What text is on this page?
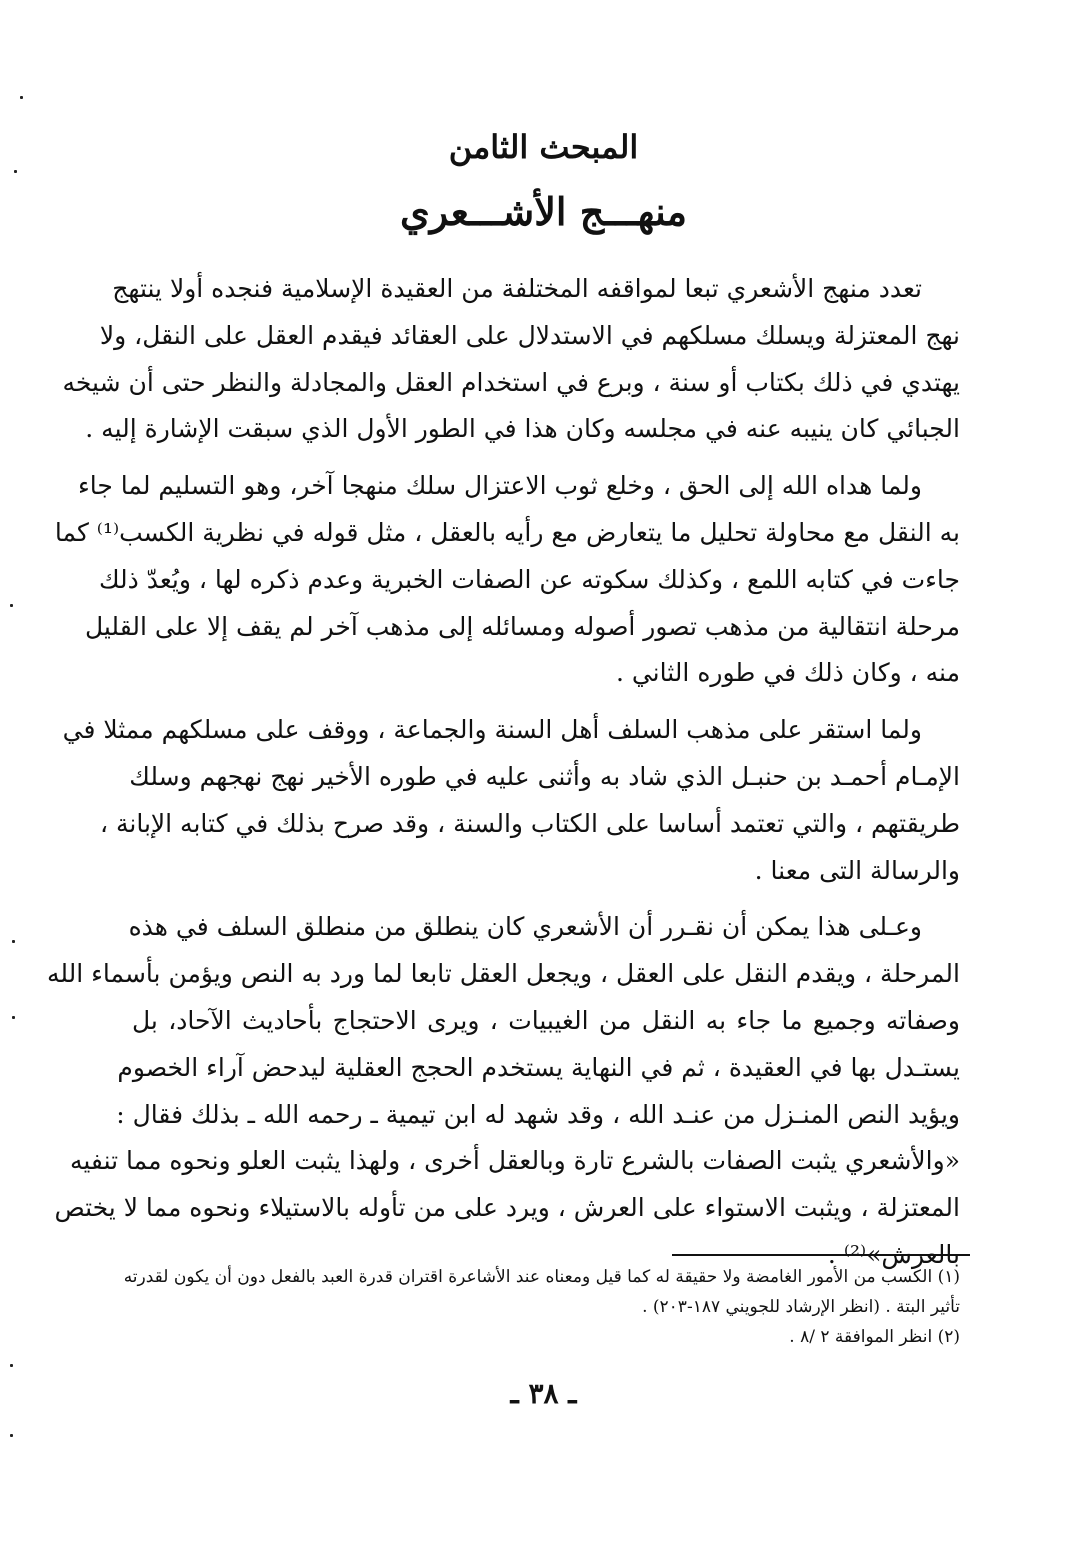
المبحث الثامن
منهـــج الأشـــعري

تعدد منهج الأشعري تبعا لمواقفه المختلفة من العقيدة الإسلامية فنجده أولا ينتهج
نهج المعتزلة ويسلك مسلكهم في الاستدلال على العقائد فيقدم العقل على النقل، ولا
يهتدي في ذلك بكتاب أو سنة ، وبرع في استخدام العقل والمجادلة والنظر حتى أن شيخه
الجبائي كان ينيبه عنه في مجلسه وكان هذا في الطور الأول الذي سبقت الإشارة إليه .

ولما هداه الله إلى الحق ، وخلع ثوب الاعتزال سلك منهجا آخر، وهو التسليم لما جاء
به النقل مع محاولة تحليل ما يتعارض مع رأيه بالعقل ، مثل قوله في نظرية الكسب⁽¹⁾ كما
جاءت في كتابه اللمع ، وكذلك سكوته عن الصفات الخبرية وعدم ذكره لها ، ويُعدّ ذلك
مرحلة انتقالية من مذهب تصور أصوله ومسائله إلى مذهب آخر لم يقف إلا على القليل
منه ، وكان ذلك في طوره الثاني .

ولما استقر على مذهب السلف أهل السنة والجماعة ، ووقف على مسلكهم ممثلا في
الإمـام أحمـد بن حنبـل الذي شاد به وأثنى عليه في طوره الأخير نهج نهجهم وسلك
طريقتهم ، والتي تعتمد أساسا على الكتاب والسنة ، وقد صرح بذلك في كتابه الإبانة ،
والرسالة التى معنا .

وعـلى هذا يمكن أن نقـرر أن الأشعري كان ينطلق من منطلق السلف في هذه
المرحلة ، ويقدم النقل على العقل ، ويجعل العقل تابعا لما ورد به النص ويؤمن بأسماء الله
وصفاته وجميع ما جاء به النقل من الغيبيات ، ويرى الاحتجاج بأحاديث الآحاد، بل
يستـدل بها في العقيدة ، ثم في النهاية يستخدم الحجج العقلية ليدحض آراء الخصوم
ويؤيد النص المنـزل من عنـد الله ، وقد شهد له ابن تيمية ـ رحمه الله ـ بذلك فقال :
«والأشعري يثبت الصفات بالشرع تارة وبالعقل أخرى ، ولهذا يثبت العلو ونحوه مما تنفيه
المعتزلة ، ويثبت الاستواء على العرش ، ويرد على من تأوله بالاستيلاء ونحوه مما لا يختص
بالعرش»⁽²⁾ .

(١) الكسب من الأمور الغامضة ولا حقيقة له كما قيل ومعناه عند الأشاعرة اقتران قدرة العبد بالفعل دون أن يكون لقدرته
تأثير البتة . (انظر الإرشاد للجويني ١٨٧-٢٠٣) .
(٢) انظر الموافقة ٢ /٨ .
ـ ٣٨ ـ
